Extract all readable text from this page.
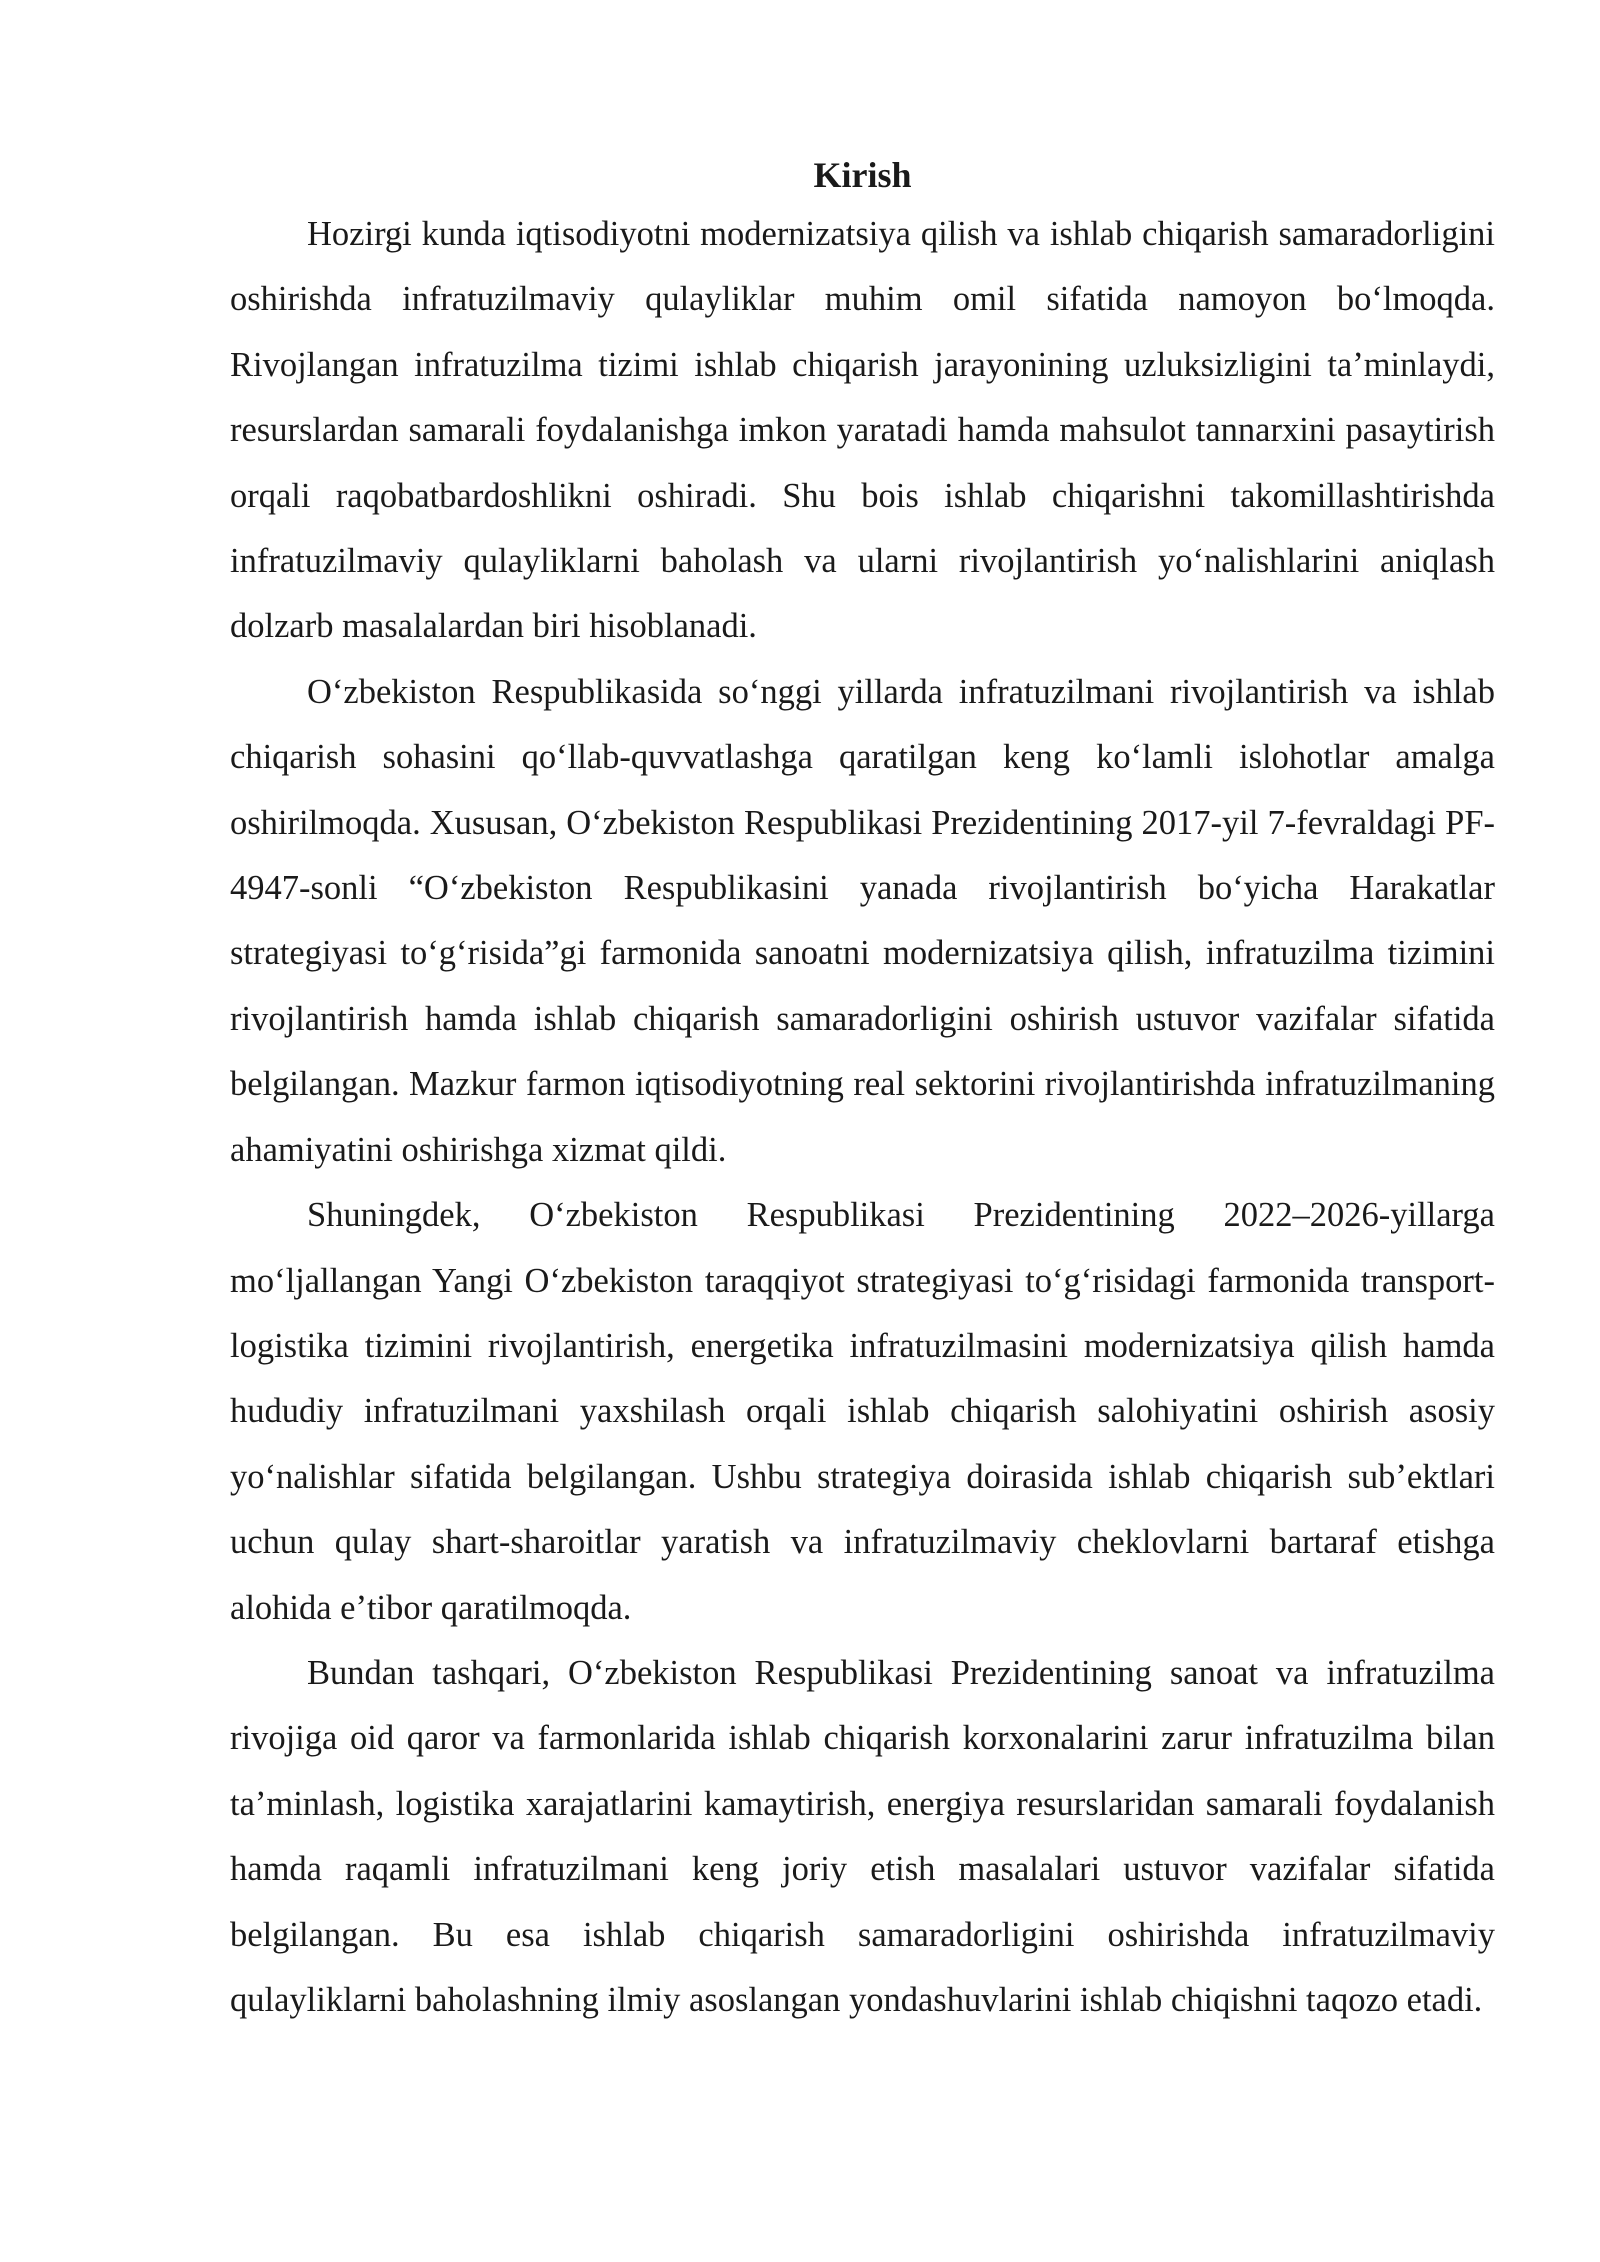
Kirish

Hozirgi kunda iqtisodiyotni modernizatsiya qilish va ishlab chiqarish samaradorligini oshirishda infratuzilmaviy qulayliklar muhim omil sifatida namoyon boʻlmoqda. Rivojlangan infratuzilma tizimi ishlab chiqarish jarayonining uzluksizligini taʼminlaydi, resurslardan samarali foydalanishga imkon yaratadi hamda mahsulot tannarxini pasaytirish orqali raqobatbardoshlikni oshiradi. Shu bois ishlab chiqarishni takomillashtirishda infratuzilmaviy qulayliklarni baholash va ularni rivojlantirish yoʻnalishlarini aniqlash dolzarb masalalardan biri hisoblanadi.

Oʻzbekiston Respublikasida soʻnggi yillarda infratuzilmani rivojlantirish va ishlab chiqarish sohasini qoʻllab-quvvatlashga qaratilgan keng koʻlamli islohotlar amalga oshirilmoqda. Xususan, Oʻzbekiston Respublikasi Prezidentining 2017-yil 7-fevraldagi PF-4947-sonli “Oʻzbekiston Respublikasini yanada rivojlantirish boʻyicha Harakatlar strategiyasi toʻgʻrisida”gi farmonida sanoatni modernizatsiya qilish, infratuzilma tizimini rivojlantirish hamda ishlab chiqarish samaradorligini oshirish ustuvor vazifalar sifatida belgilangan. Mazkur farmon iqtisodiyotning real sektorini rivojlantirishda infratuzilmaning ahamiyatini oshirishga xizmat qildi.

Shuningdek, Oʻzbekiston Respublikasi Prezidentining 2022–2026-yillarga moʻljallangan Yangi Oʻzbekiston taraqqiyot strategiyasi toʻgʻrisidagi farmonida transport-logistika tizimini rivojlantirish, energetika infratuzilmasini modernizatsiya qilish hamda hududiy infratuzilmani yaxshilash orqali ishlab chiqarish salohiyatini oshirish asosiy yoʻnalishlar sifatida belgilangan. Ushbu strategiya doirasida ishlab chiqarish subʼektlari uchun qulay shart-sharoitlar yaratish va infratuzilmaviy cheklovlarni bartaraf etishga alohida eʼtibor qaratilmoqda.

Bundan tashqari, Oʻzbekiston Respublikasi Prezidentining sanoat va infratuzilma rivojiga oid qaror va farmonlarida ishlab chiqarish korxonalarini zarur infratuzilma bilan taʼminlash, logistika xarajatlarini kamaytirish, energiya resurslaridan samarali foydalanish hamda raqamli infratuzilmani keng joriy etish masalalari ustuvor vazifalar sifatida belgilangan. Bu esa ishlab chiqarish samaradorligini oshirishda infratuzilmaviy qulayliklarni baholashning ilmiy asoslangan yondashuvlarini ishlab chiqishni taqozo etadi.
